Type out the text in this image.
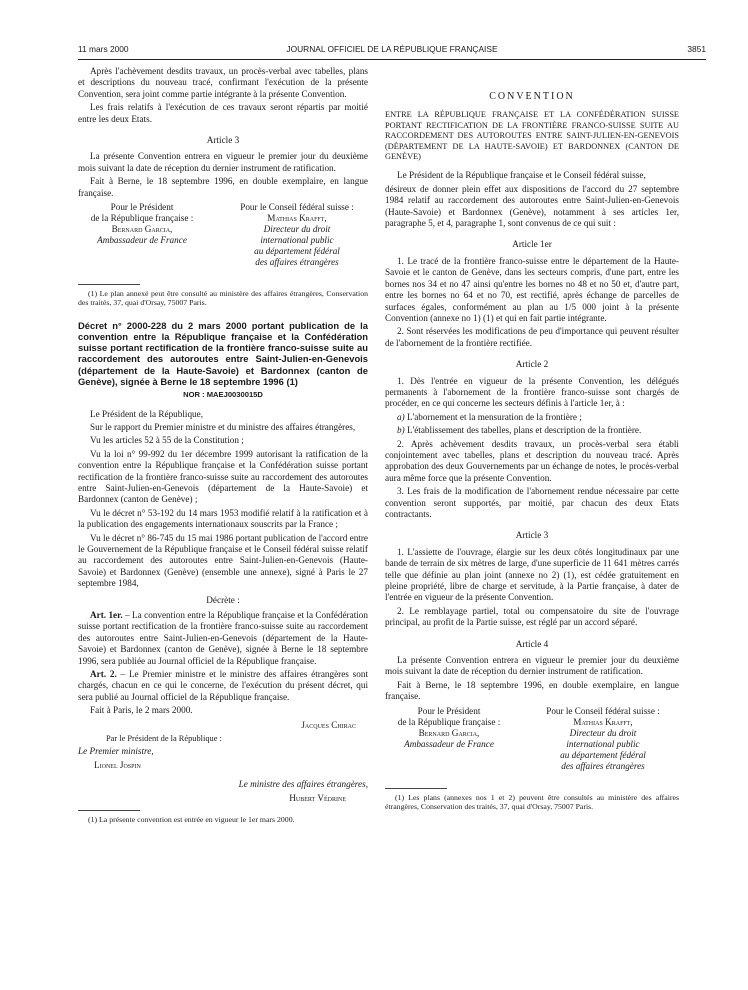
11 mars 2000	JOURNAL OFFICIEL DE LA RÉPUBLIQUE FRANÇAISE	3851

Après l'achèvement desdits travaux, un procès-verbal avec tabelles, plans et descriptions du nouveau tracé, confirmant l'exécution de la présente Convention, sera joint comme partie intégrante à la présente Convention.

Les frais relatifs à l'exécution de ces travaux seront répartis par moitié entre les deux Etats.

Article 3

La présente Convention entrera en vigueur le premier jour du deuxième mois suivant la date de réception du dernier instrument de ratification.

Fait à Berne, le 18 septembre 1996, en double exemplaire, en langue française.

Pour le Président
de la République française :
Bernard Garcia,
Ambassadeur de France
Pour le Conseil fédéral suisse :
Mathias Krafft,
Directeur du droit
international public
au département fédéral
des affaires étrangères

(1) Le plan annexé peut être consulté au ministère des affaires étrangères, Conservation des traités, 37, quai d'Orsay, 75007 Paris.

Décret n° 2000-228 du 2 mars 2000 portant publication de la convention entre la République française et la Confédération suisse portant rectification de la frontière franco-suisse suite au raccordement des autoroutes entre Saint-Julien-en-Genevois (département de la Haute-Savoie) et Bardonnex (canton de Genève), signée à Berne le 18 septembre 1996 (1)

NOR : MAEJ0030015D

Le Président de la République,

Sur le rapport du Premier ministre et du ministre des affaires étrangères,

Vu les articles 52 à 55 de la Constitution ;

Vu la loi n° 99-992 du 1er décembre 1999 autorisant la ratification de la convention entre la République française et la Confédération suisse portant rectification de la frontière franco-suisse suite au raccordement des autoroutes entre Saint-Julien-en-Genevois (département de la Haute-Savoie) et Bardonnex (canton de Genève) ;

Vu le décret n° 53-192 du 14 mars 1953 modifié relatif à la ratification et à la publication des engagements internationaux souscrits par la France ;

Vu le décret n° 86-745 du 15 mai 1986 portant publication de l'accord entre le Gouvernement de la République française et le Conseil fédéral suisse relatif au raccordement des autoroutes entre Saint-Julien-en-Genevois (Haute-Savoie) et Bardonnex (Genève) (ensemble une annexe), signé à Paris le 27 septembre 1984,

Décrète :

Art. 1er. – La convention entre la République française et la Confédération suisse portant rectification de la frontière franco-suisse suite au raccordement des autoroutes entre Saint-Julien-en-Genevois (département de la Haute-Savoie) et Bardonnex (canton de Genève), signée à Berne le 18 septembre 1996, sera publiée au Journal officiel de la République française.

Art. 2. – Le Premier ministre et le ministre des affaires étrangères sont chargés, chacun en ce qui le concerne, de l'exécution du présent décret, qui sera publié au Journal officiel de la République française.

Fait à Paris, le 2 mars 2000.

Jacques Chirac

Par le Président de la République :

Le Premier ministre,

Lionel Jospin

Le ministre des affaires étrangères,

Hubert Védrine

(1) La présente convention est entrée en vigueur le 1er mars 2000.

CONVENTION

ENTRE LA RÉPUBLIQUE FRANÇAISE ET LA CONFÉDÉRATION SUISSE PORTANT RECTIFICATION DE LA FRONTIÈRE FRANCO-SUISSE SUITE AU RACCORDEMENT DES AUTOROUTES ENTRE SAINT-JULIEN-EN-GENEVOIS (DÉPARTEMENT DE LA HAUTE-SAVOIE) ET BARDONNEX (CANTON DE GENÈVE)

Le Président de la République française et le Conseil fédéral suisse,

désireux de donner plein effet aux dispositions de l'accord du 27 septembre 1984 relatif au raccordement des autoroutes entre Saint-Julien-en-Genevois (Haute-Savoie) et Bardonnex (Genève), notamment à ses articles 1er, paragraphe 5, et 4, paragraphe 1, sont convenus de ce qui suit :

Article 1er

1. Le tracé de la frontière franco-suisse entre le département de la Haute-Savoie et le canton de Genève, dans les secteurs compris, d'une part, entre les bornes nos 34 et no 47 ainsi qu'entre les bornes no 48 et no 50 et, d'autre part, entre les bornes no 64 et no 70, est rectifié, après échange de parcelles de surfaces égales, conformément au plan au 1/5 000 joint à la présente Convention (annexe no 1) (1) et qui en fait partie intégrante.

2. Sont réservées les modifications de peu d'importance qui peuvent résulter de l'abornement de la frontière rectifiée.

Article 2

1. Dès l'entrée en vigueur de la présente Convention, les délégués permanents à l'abornement de la frontière franco-suisse sont chargés de procéder, en ce qui concerne les secteurs définis à l'article 1er, à :

a) L'abornement et la mensuration de la frontière ;

b) L'établissement des tabelles, plans et description de la frontière.

2. Après achèvement desdits travaux, un procès-verbal sera établi conjointement avec tabelles, plans et description du nouveau tracé. Après approbation des deux Gouvernements par un échange de notes, le procès-verbal aura même force que la présente Convention.

3. Les frais de la modification de l'abornement rendue nécessaire par cette convention seront supportés, par moitié, par chacun des deux Etats contractants.

Article 3

1. L'assiette de l'ouvrage, élargie sur les deux côtés longitudinaux par une bande de terrain de six mètres de large, d'une superficie de 11 641 mètres carrés telle que définie au plan joint (annexe no 2) (1), est cédée gratuitement en pleine propriété, libre de charge et servitude, à la Partie française, à dater de l'entrée en vigueur de la présente Convention.

2. Le remblayage partiel, total ou compensatoire du site de l'ouvrage principal, au profit de la Partie suisse, est réglé par un accord séparé.

Article 4

La présente Convention entrera en vigueur le premier jour du deuxième mois suivant la date de réception du dernier instrument de ratification.

Fait à Berne, le 18 septembre 1996, en double exemplaire, en langue française.

Pour le Président
de la République française :
Bernard Garcia,
Ambassadeur de France
Pour le Conseil fédéral suisse :
Mathias Krafft,
Directeur du droit
international public
au département fédéral
des affaires étrangères

(1) Les plans (annexes nos 1 et 2) peuvent être consultés au ministère des affaires étrangères, Conservation des traités, 37, quai d'Orsay, 75007 Paris.
